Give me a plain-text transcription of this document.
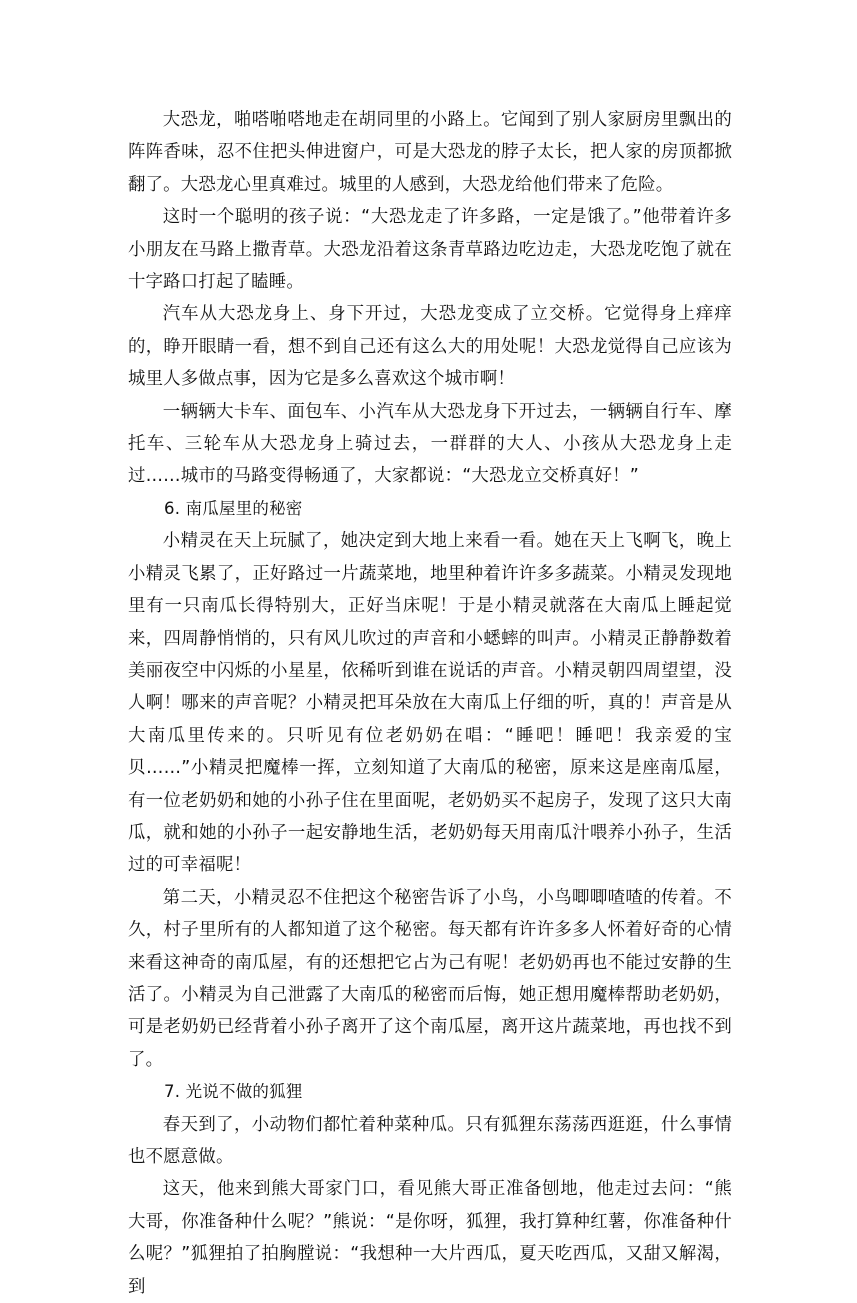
大恐龙，啪嗒啪嗒地走在胡同里的小路上。它闻到了别人家厨房里飘出的阵阵香味，忍不住把头伸进窗户，可是大恐龙的脖子太长，把人家的房顶都掀翻了。大恐龙心里真难过。城里的人感到，大恐龙给他们带来了危险。

这时一个聪明的孩子说：“大恐龙走了许多路，一定是饿了。”他带着许多小朋友在马路上撒青草。大恐龙沿着这条青草路边吃边走，大恐龙吃饱了就在十字路口打起了瞌睡。

汽车从大恐龙身上、身下开过，大恐龙变成了立交桥。它觉得身上痒痒的，睁开眼睛一看，想不到自己还有这么大的用处呢！大恐龙觉得自己应该为城里人多做点事，因为它是多么喜欢这个城市啊！

一辆辆大卡车、面包车、小汽车从大恐龙身下开过去，一辆辆自行车、摩托车、三轮车从大恐龙身上骑过去，一群群的大人、小孩从大恐龙身上走过……城市的马路变得畅通了，大家都说：“大恐龙立交桥真好！”

6. 南瓜屋里的秘密

小精灵在天上玩腻了，她决定到大地上来看一看。她在天上飞啊飞，晚上小精灵飞累了，正好路过一片蔬菜地，地里种着许许多多蔬菜。小精灵发现地里有一只南瓜长得特别大，正好当床呢！于是小精灵就落在大南瓜上睡起觉来，四周静悄悄的，只有风儿吹过的声音和小蟋蟀的叫声。小精灵正静静数着美丽夜空中闪烁的小星星，依稀听到谁在说话的声音。小精灵朝四周望望，没人啊！哪来的声音呢？小精灵把耳朵放在大南瓜上仔细的听，真的！声音是从大南瓜里传来的。只听见有位老奶奶在唱：“睡吧！睡吧！我亲爱的宝贝……”小精灵把魔棒一挥，立刻知道了大南瓜的秘密，原来这是座南瓜屋，有一位老奶奶和她的小孙子住在里面呢，老奶奶买不起房子，发现了这只大南瓜，就和她的小孙子一起安静地生活，老奶奶每天用南瓜汁喂养小孙子，生活过的可幸福呢！

第二天，小精灵忍不住把这个秘密告诉了小鸟，小鸟唧唧喳喳的传着。不久，村子里所有的人都知道了这个秘密。每天都有许许多多人怀着好奇的心情来看这神奇的南瓜屋，有的还想把它占为己有呢！老奶奶再也不能过安静的生活了。小精灵为自己泄露了大南瓜的秘密而后悔，她正想用魔棒帮助老奶奶，可是老奶奶已经背着小孙子离开了这个南瓜屋，离开这片蔬菜地，再也找不到了。

7. 光说不做的狐狸

春天到了，小动物们都忙着种菜种瓜。只有狐狸东荡荡西逛逛，什么事情也不愿意做。

这天，他来到熊大哥家门口，看见熊大哥正准备刨地，他走过去问：“熊大哥，你准备种什么呢？”熊说：“是你呀，狐狸，我打算种红薯，你准备种什么呢？”狐狸拍了拍胸膛说：“我想种一大片西瓜，夏天吃西瓜，又甜又解渴，到
